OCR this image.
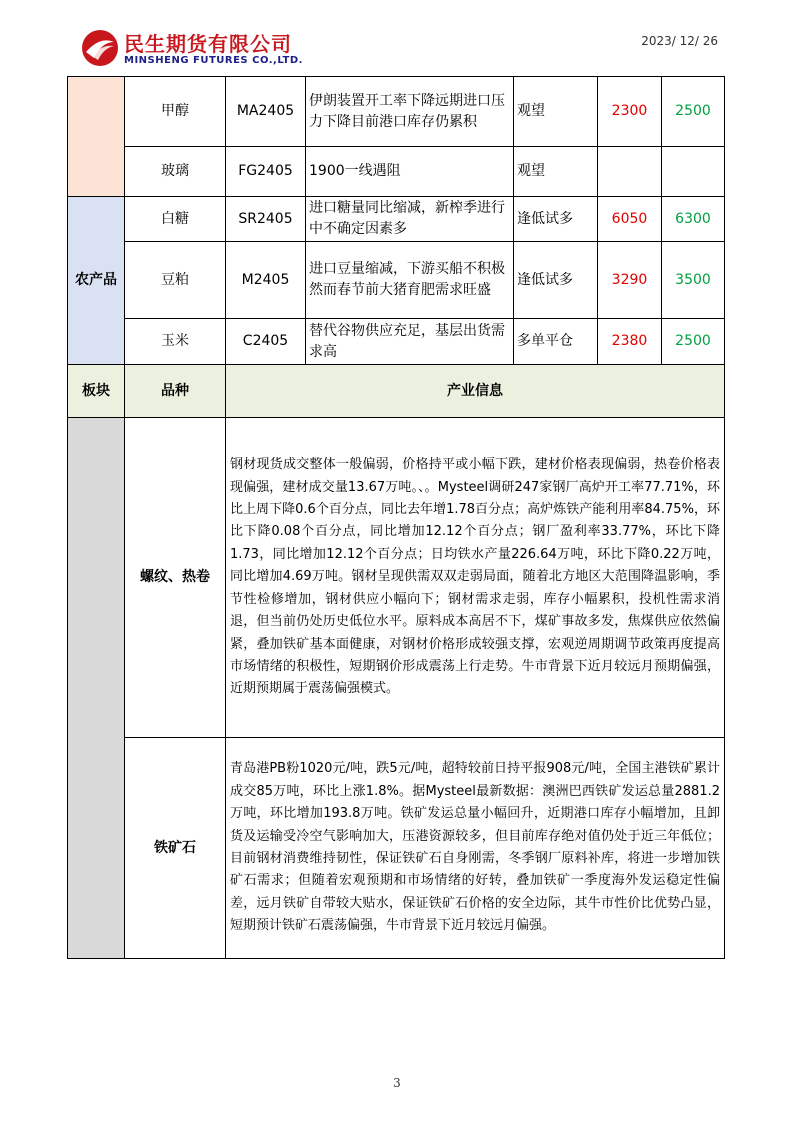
民生期货有限公司
MINSHENG FUTURES CO.,LTD.
2023/ 12/ 26
	甲醇	MA2405	伊朗装置开工率下降远期进口压力下降目前港口库存仍累积	观望	2300	2500
	玻璃	FG2405	1900一线遇阻	观望		
农产品	白糖	SR2405	进口糖量同比缩减，新榨季进行中不确定因素多	逢低试多	6050	6300
	豆粕	M2405	进口豆量缩减，下游买船不积极然而春节前大猪育肥需求旺盛	逢低试多	3290	3500
	玉米	C2405	替代谷物供应充足，基层出货需求高	多单平仓	2380	2500
板块	品种	产业信息				
	螺纹、热卷	钢材现货成交整体一般偏弱，价格持平或小幅下跌，建材价格表现偏弱，热卷价格表现偏强，建材成交量13.67万吨。、。Mysteel调研247家钢厂高炉开工率77.71%，环比上周下降0.6个百分点，同比去年增1.78百分点；高炉炼铁产能利用率84.75%，环比下降0.08个百分点，同比增加12.12个百分点；钢厂盈利率33.77%，环比下降1.73，同比增加12.12个百分点；日均铁水产量226.64万吨，环比下降0.22万吨，同比增加4.69万吨。钢材呈现供需双双走弱局面，随着北方地区大范围降温影响，季节性检修增加，钢材供应小幅向下；钢材需求走弱，库存小幅累积，投机性需求消退，但当前仍处历史低位水平。原料成本高居不下，煤矿事故多发，焦煤供应依然偏紧，叠加铁矿基本面健康，对钢材价格形成较强支撑，宏观逆周期调节政策再度提高市场情绪的积极性，短期钢价形成震荡上行走势。牛市背景下近月较远月预期偏强，近期预期属于震荡偏强模式。				
	铁矿石	青岛港PB粉1020元/吨，跌5元/吨，超特较前日持平报908元/吨，全国主港铁矿累计成交85万吨，环比上涨1.8%。据Mysteel最新数据：澳洲巴西铁矿发运总量2881.2万吨，环比增加193.8万吨。铁矿发运总量小幅回升，近期港口库存小幅增加，且卸货及运输受冷空气影响加大，压港资源较多，但目前库存绝对值仍处于近三年低位；目前钢材消费维持韧性，保证铁矿石自身刚需，冬季钢厂原料补库，将进一步增加铁矿石需求；但随着宏观预期和市场情绪的好转，叠加铁矿一季度海外发运稳定性偏差，远月铁矿自带较大贴水，保证铁矿石价格的安全边际，其牛市性价比优势凸显，短期预计铁矿石震荡偏强，牛市背景下近月较远月偏强。				
3
